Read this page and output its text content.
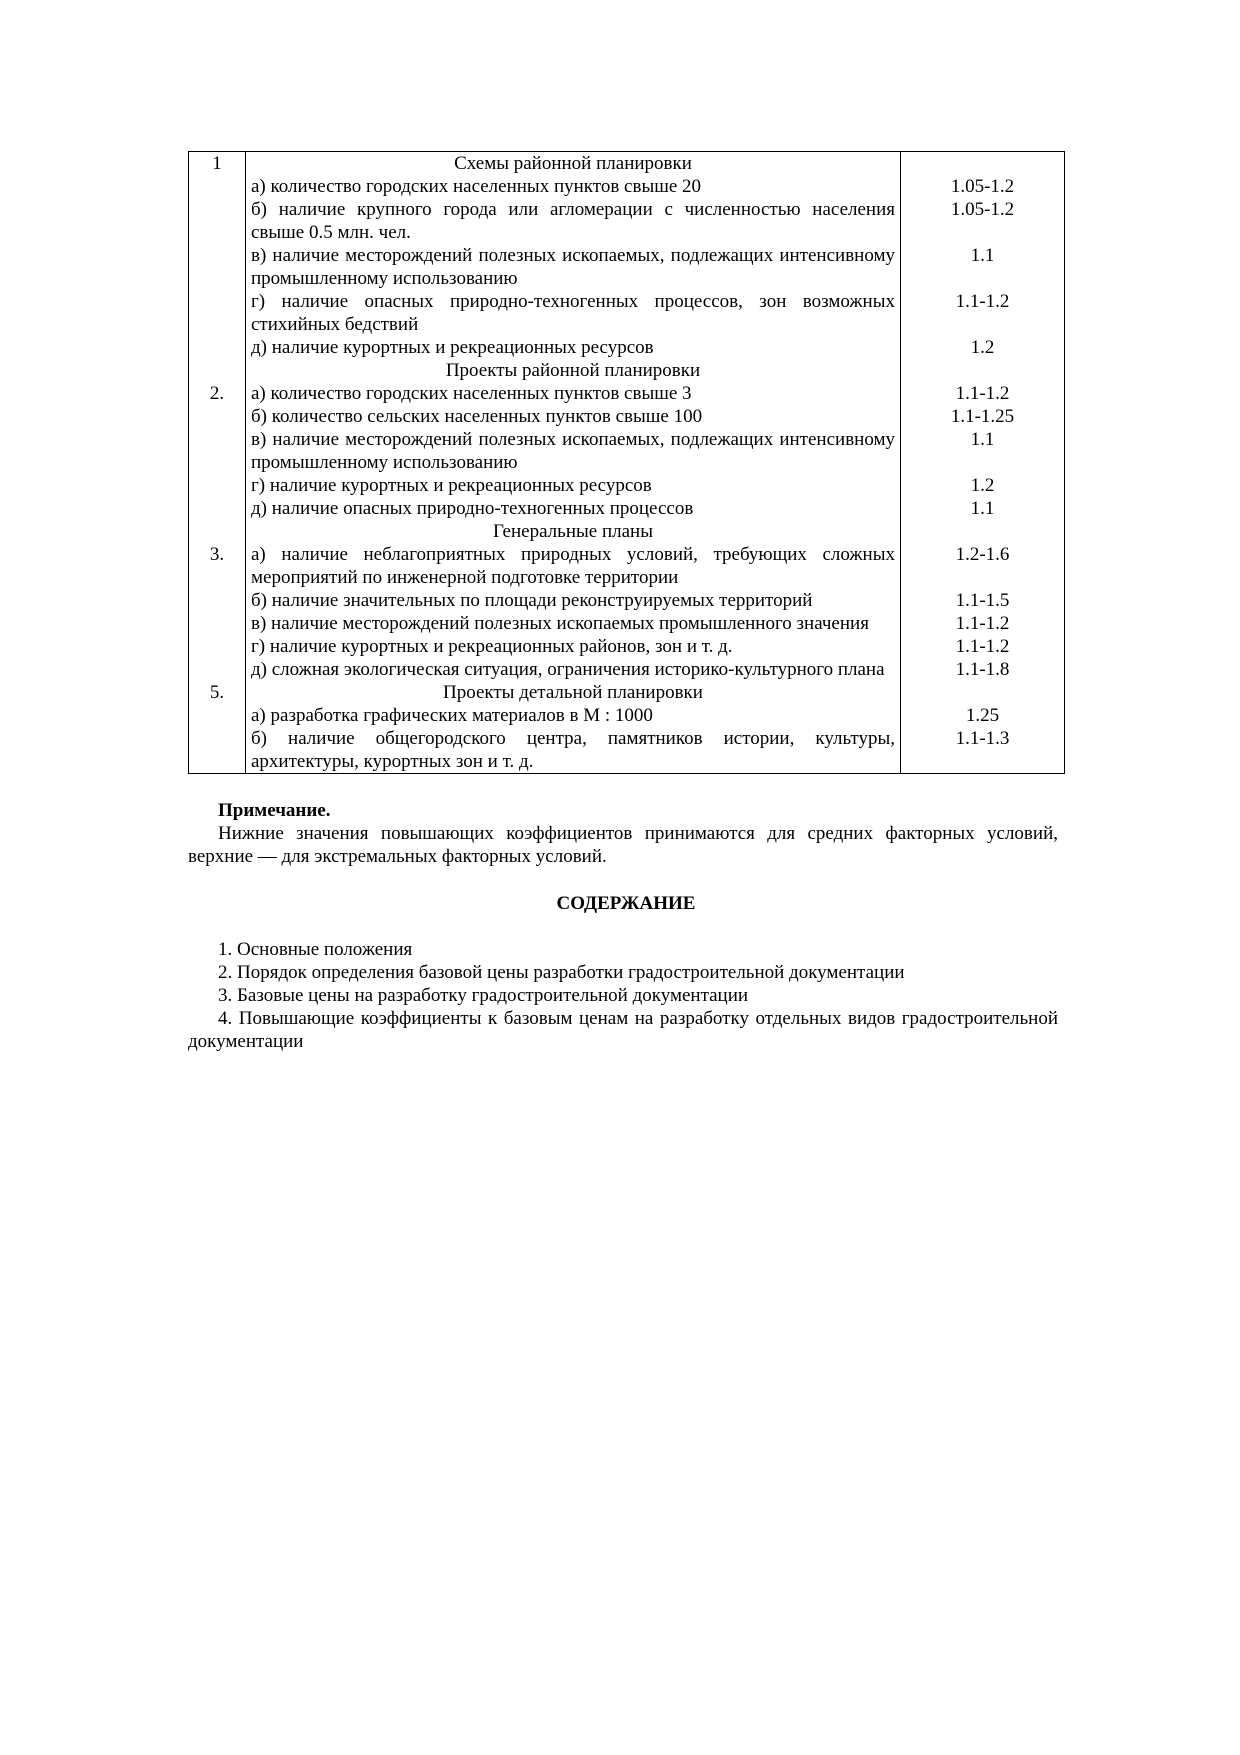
1	Схемы районной планировки	
	а) количество городских населенных пунктов свыше 20	1.05-1.2
	б) наличие крупного города или агломерации с численностью населения свыше 0.5 млн. чел.	1.05-1.2
	в) наличие месторождений полезных ископаемых, подлежащих интенсивному промышленному использованию	1.1
	г) наличие опасных природно-техногенных процессов, зон возможных стихийных бедствий	1.1-1.2
	д) наличие курортных и рекреационных ресурсов	1.2
	Проекты районной планировки	
2.	а) количество городских населенных пунктов свыше 3	1.1-1.2
	б) количество сельских населенных пунктов свыше 100	1.1-1.25
	в) наличие месторождений полезных ископаемых, подлежащих интенсивному промышленному использованию	1.1
	г) наличие курортных и рекреационных ресурсов	1.2
	д) наличие опасных природно-техногенных процессов	1.1
	Генеральные планы	
3.	а) наличие неблагоприятных природных условий, требующих сложных мероприятий по инженерной подготовке территории	1.2-1.6
	б) наличие значительных по площади реконструируемых территорий	1.1-1.5
	в) наличие месторождений полезных ископаемых промышленного значения	1.1-1.2
	г) наличие курортных и рекреационных районов, зон и т. д.	1.1-1.2
	д) сложная экологическая ситуация, ограничения историко-культурного плана	1.1-1.8
5.	Проекты детальной планировки	
	а) разработка графических материалов в М : 1000	1.25
	б) наличие общегородского центра, памятников истории, культуры, архитектуры, курортных зон и т. д.	1.1-1.3

Примечание.

Нижние значения повышающих коэффициентов принимаются для средних факторных условий, верхние — для экстремальных факторных условий.

СОДЕРЖАНИЕ

1. Основные положения

2. Порядок определения базовой цены разработки градостроительной документации

3. Базовые цены на разработку градостроительной документации

4. Повышающие коэффициенты к базовым ценам на разработку отдельных видов градостроительной документации
